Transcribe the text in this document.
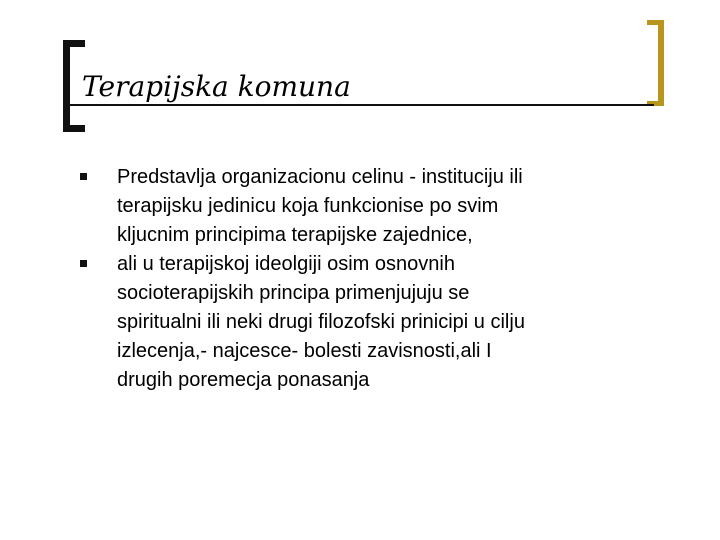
Terapijska komuna
Predstavlja organizacionu celinu - instituciju ili
terapijsku jedinicu koja funkcionise po svim
kljucnim principima terapijske zajednice,
ali u terapijskoj ideolgiji osim osnovnih
socioterapijskih principa primenjujuju se
spiritualni ili neki drugi filozofski prinicipi u cilju
izlecenja,- najcesce- bolesti zavisnosti,ali I
drugih poremecja ponasanja
